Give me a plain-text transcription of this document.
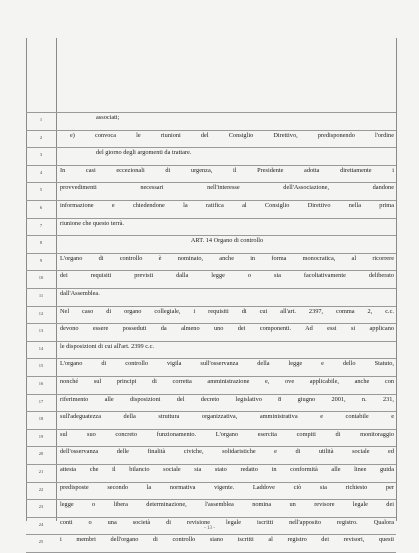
1	associati;
2	e) convoca le riunioni del Consiglio Direttivo, predisponendo l'ordine
3	del giorno degli argomenti da trattare.
4	In casi eccezionali di urgenza, il Presidente adotta direttamente i
5	provvedimenti necessari nell'interesse dell'Associazione, dandone
6	informazione e chiedendone la ratifica al Consiglio Direttivo nella prima
7	riunione che questo terrà.
8	ART. 14 Organo di controllo
9	L'organo di controllo è nominato, anche in forma monocratica, al ricorrere
10	dei requisiti previsti dalla legge o sia facoltativamente deliberato
11	dall'Assemblea.
12	Nel caso di organo collegiale, i requisiti di cui all'art. 2397, comma 2, c.c.
13	devono essere posseduti da almeno uno dei componenti. Ad essi si applicano
14	le disposizioni di cui all'art. 2399 c.c.
15	L'organo di controllo vigila sull'osservanza della legge e dello Statuto,
16	nonché sul principi di corretta amministrazione e, ove applicabile, anche con
17	riferimento alle disposizioni del decreto legislativo 8 giugno 2001, n. 231,
18	sull'adeguatezza della struttura organizzativa, amministrativa e contabile e
19	sul suo concreto funzionamento. L'organo esercita compiti di monitoraggio
20	dell'osservanza delle finalità civiche, solidaristiche e di utilità sociale ed
21	attesta che il bilancio sociale sia stato redatto in conformità alle linee guida
22	predisposte secondo la normativa vigente. Laddove ciò sia richiesto per
23	legge o libera determinazione, l'assemblea nomina un revisore legale dei
24	conti o una società di revisione legale iscritti nell'apposito registro. Qualora
25	i membri dell'organo di controllo siano iscritti al registro dei revisori, questi
- 13 -
